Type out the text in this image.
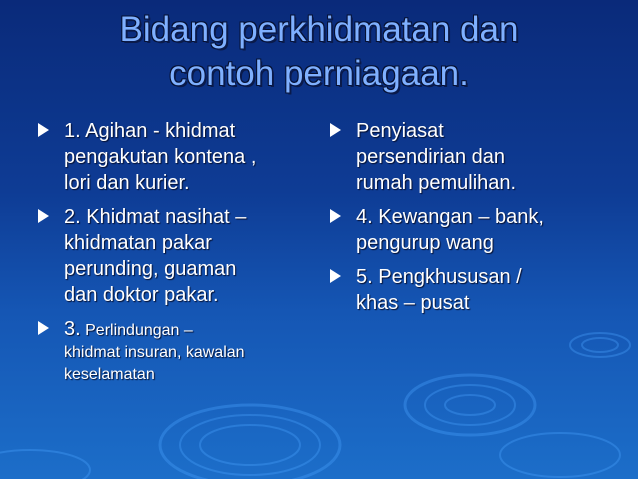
Bidang perkhidmatan dan
contoh perniagaan.
1. Agihan - khidmat
pengakutan kontena ,
lori dan kurier.
2. Khidmat nasihat –
khidmatan pakar
perunding, guaman
dan doktor pakar.
3. Perlindungan –
khidmat insuran, kawalan
keselamatan
Penyiasat
persendirian dan
rumah pemulihan.
4. Kewangan – bank,
pengurup wang
5. Pengkhususan /
khas – pusat
